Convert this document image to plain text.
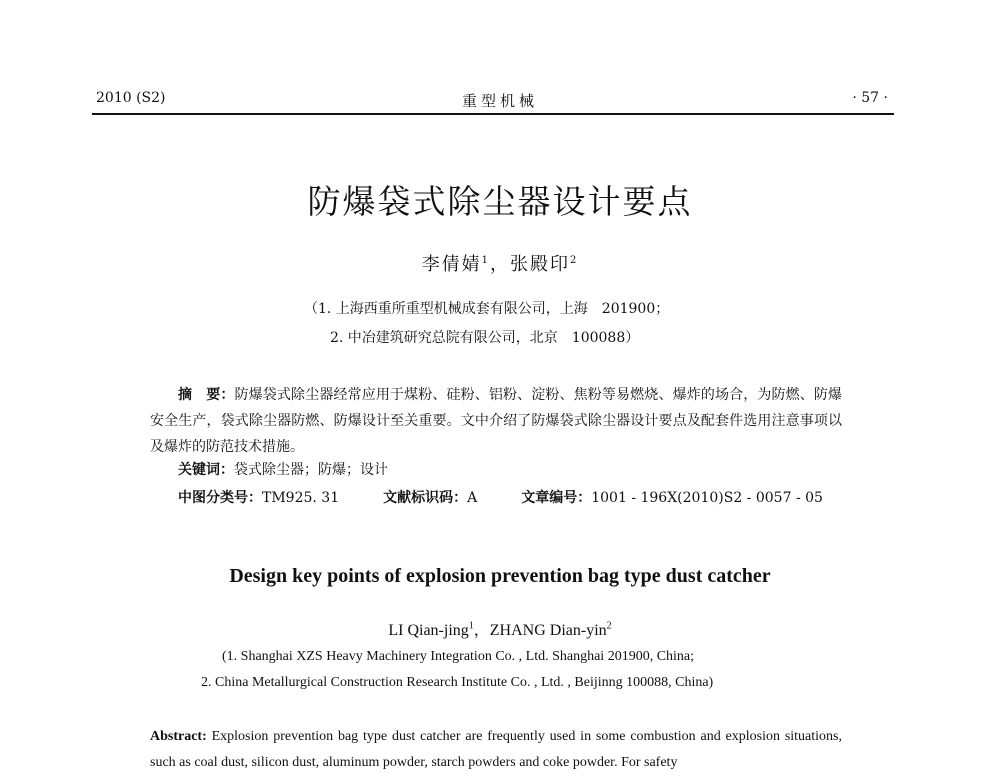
2010 (S2)	重型机械	· 57 ·
防爆袋式除尘器设计要点
李倩婧$^1$，张殿印$^2$
（1. 上海西重所重型机械成套有限公司，上海　201900；
2. 中冶建筑研究总院有限公司，北京　100088）
摘　要：防爆袋式除尘器经常应用于煤粉、硅粉、铝粉、淀粉、焦粉等易燃烧、爆炸的场合，为防燃、防爆安全生产，袋式除尘器防燃、防爆设计至关重要。文中介绍了防爆袋式除尘器设计要点及配套件选用注意事项以及爆炸的防范技术措施。
关键词：袋式除尘器；防爆；设计
中图分类号：TM925. 31	文献标识码：A	文章编号：1001 - 196X(2010)S2 - 0057 - 05
Design key points of explosion prevention bag type dust catcher
LI Qian-jing$^1$，ZHANG Dian-yin$^2$
(1. Shanghai XZS Heavy Machinery Integration Co. , Ltd. Shanghai 201900, China;
2. China Metallurgical Construction Research Institute Co. , Ltd. , Beijinng 100088, China)
Abstract: Explosion prevention bag type dust catcher are frequently used in some combustion and explosion situations, such as coal dust, silicon dust, aluminum powder, starch powders and coke powder. For safety
